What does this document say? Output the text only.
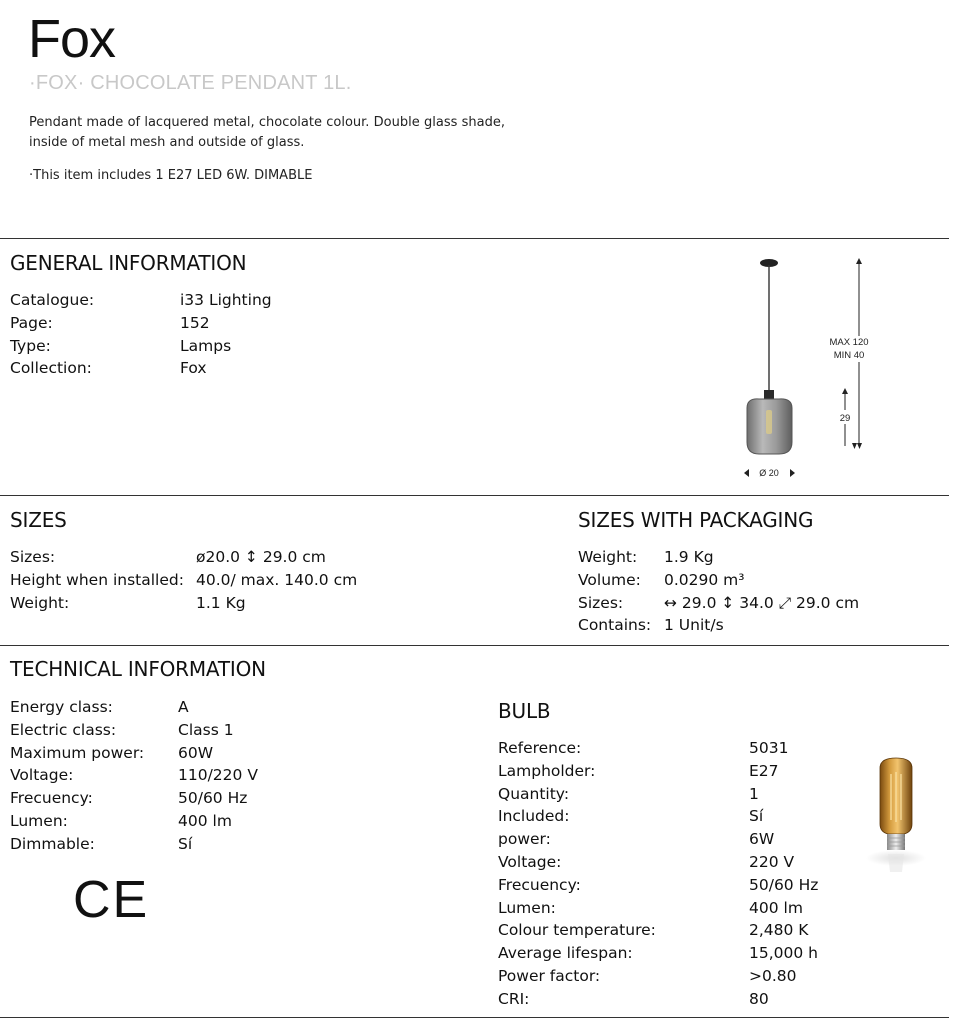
Fox
·FOX· CHOCOLATE PENDANT 1L.
Pendant made of lacquered metal, chocolate colour. Double glass shade, inside of metal mesh and outside of glass.
·This item includes 1 E27 LED 6W. DIMABLE
GENERAL INFORMATION
Catalogue:	i33 Lighting
Page:	152
Type:	Lamps
Collection:	Fox
MAX 120
MIN 40
29
Ø 20
SIZES
Sizes:	ø20.0 ↕ 29.0 cm
Height when installed: 40.0/ max. 140.0 cm
Weight:	1.1 Kg
SIZES WITH PACKAGING
Weight:	1.9 Kg
Volume:	0.0290 m³
Sizes:	↔ 29.0 ↕ 34.0 ⤢ 29.0 cm
Contains: 1 Unit/s
TECHNICAL INFORMATION
Energy class:	A
Electric class:	Class 1
Maximum power:	60W
Voltage:	110/220 V
Frecuency:	50/60 Hz
Lumen:	400 lm
Dimmable:	Sí
CE
BULB
Reference:	5031
Lampholder:	E27
Quantity:	1
Included:	Sí
power:	6W
Voltage:	220 V
Frecuency:	50/60 Hz
Lumen:	400 lm
Colour temperature:	2,480 K
Average lifespan:	15,000 h
Power factor:	>0.80
CRI:	80
